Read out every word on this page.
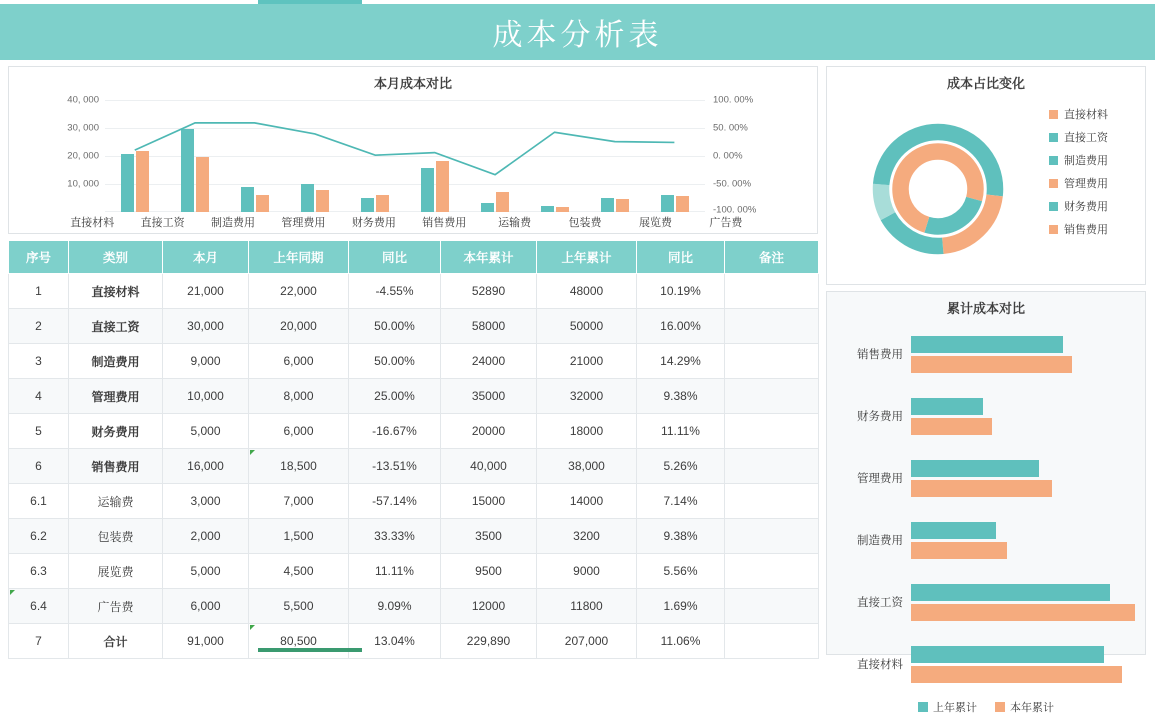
成本分析表
本月成本对比
40, 000
30, 000
20, 000
10, 000
100. 00%
50. 00%
0. 00%
-50. 00%
-100. 00%
直接材料	直接工资	制造费用	管理费用	财务费用	销售费用	运输费	包装费	展览费	广告费
序号	类别	本月	上年同期	同比	本年累计	上年累计	同比	备注
1	直接材料	21,000	22,000	-4.55%	52890	48000	10.19%	
2	直接工资	30,000	20,000	50.00%	58000	50000	16.00%	
3	制造费用	9,000	6,000	50.00%	24000	21000	14.29%	
4	管理费用	10,000	8,000	25.00%	35000	32000	9.38%	
5	财务费用	5,000	6,000	-16.67%	20000	18000	11.11%	
6	销售费用	16,000	18,500	-13.51%	40,000	38,000	5.26%	
6.1	运输费	3,000	7,000	-57.14%	15000	14000	7.14%	
6.2	包装费	2,000	1,500	33.33%	3500	3200	9.38%	
6.3	展览费	5,000	4,500	11.11%	9500	9000	5.56%	
6.4	广告费	6,000	5,500	9.09%	12000	11800	1.69%	
7	合计	91,000	80,500	13.04%	229,890	207,000	11.06%	
成本占比变化
直接材料
直接工资
制造费用
管理费用
财务费用
销售费用
累计成本对比
销售费用
财务费用
管理费用
制造费用
直接工资
直接材料
上年累计	本年累计
